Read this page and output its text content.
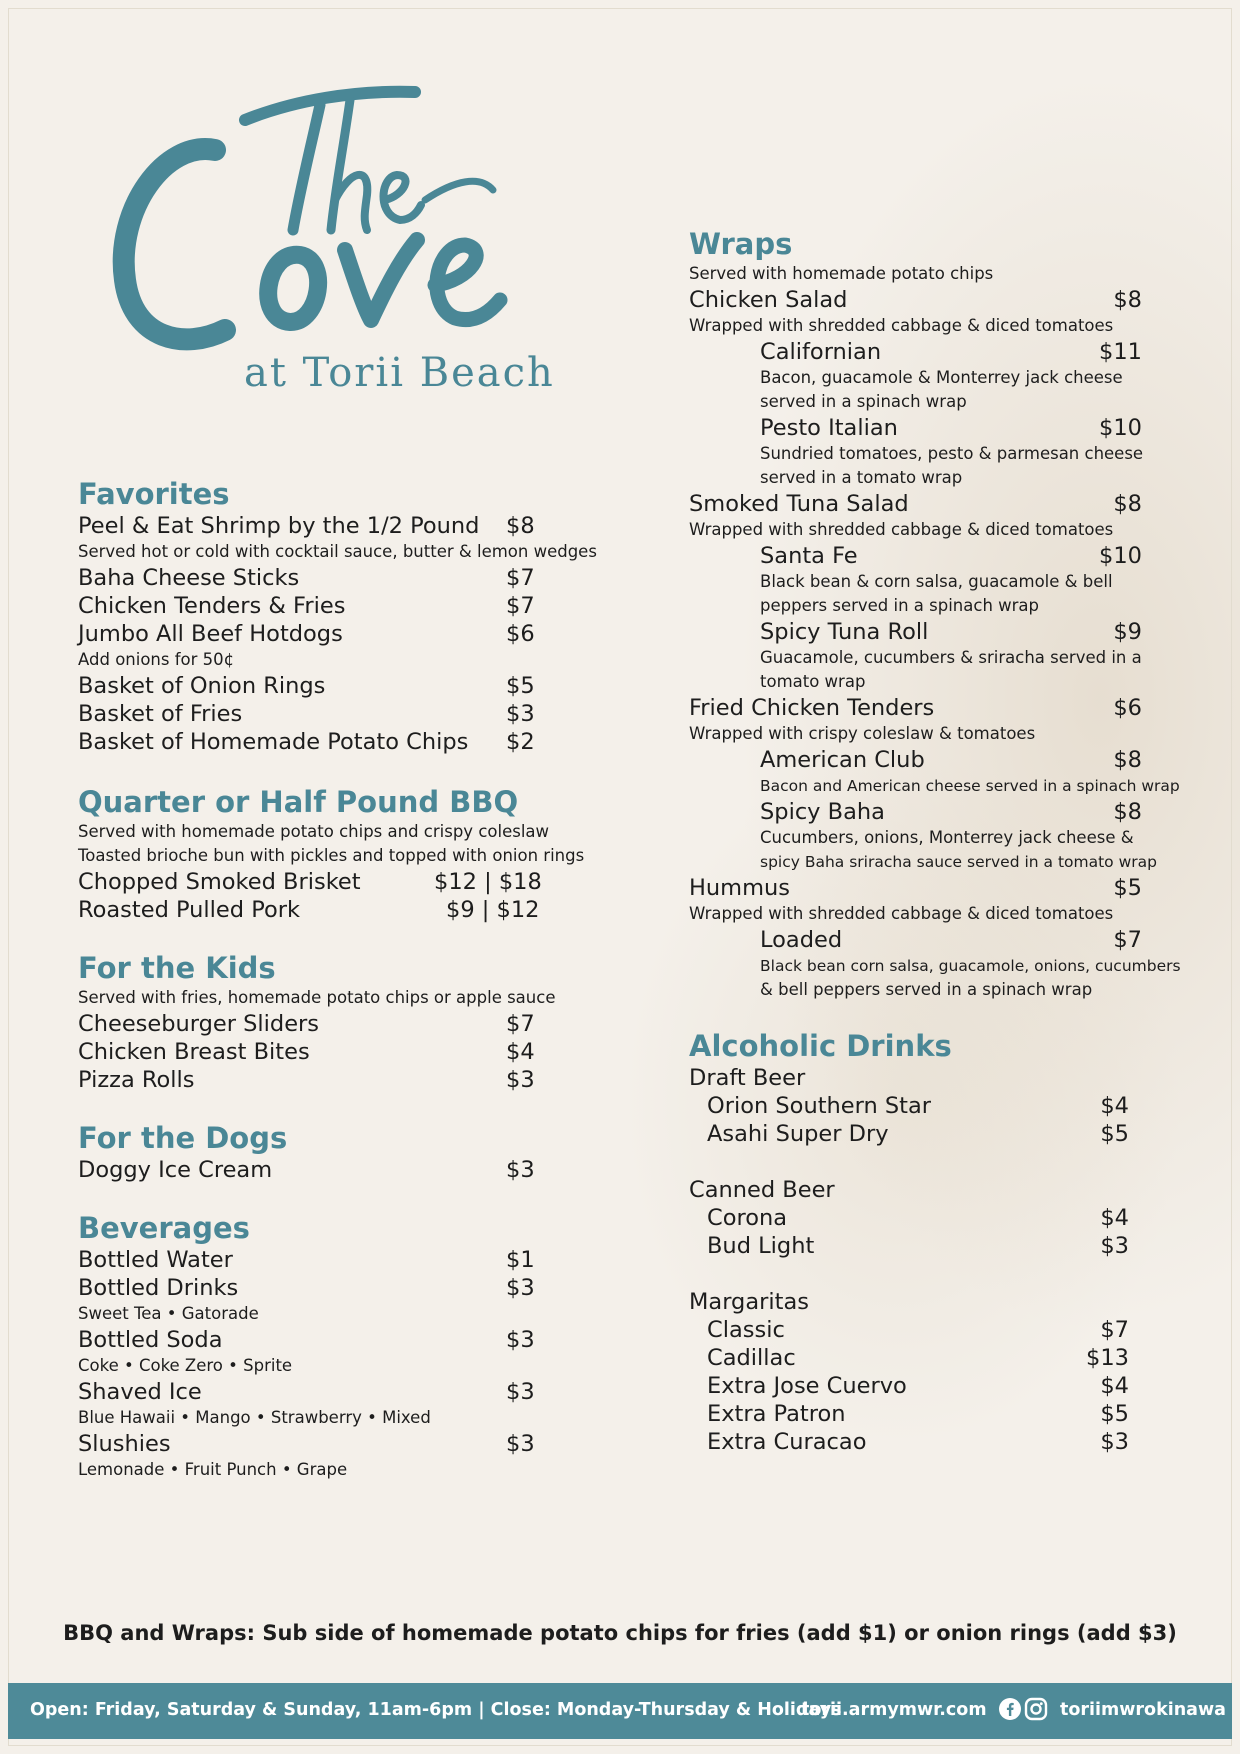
at Torii Beach
Favorites
Peel & Eat Shrimp by the 1/2 Pound $8
Served hot or cold with cocktail sauce, butter & lemon wedges
Baha Cheese Sticks	$7
Chicken Tenders & Fries	$7
Jumbo All Beef Hotdogs	$6
Add onions for 50¢
Basket of Onion Rings	$5
Basket of Fries	$3
Basket of Homemade Potato Chips $2
Quarter or Half Pound BBQ
Served with homemade potato chips and crispy coleslaw
Toasted brioche bun with pickles and topped with onion rings
Chopped Smoked Brisket	$12 | $18
Roasted Pulled Pork	$9 | $12
For the Kids
Served with fries, homemade potato chips or apple sauce
Cheeseburger Sliders	$7
Chicken Breast Bites	$4
Pizza Rolls	$3
For the Dogs
Doggy Ice Cream	$3
Beverages
Bottled Water	$1
Bottled Drinks	$3
Sweet Tea • Gatorade
Bottled Soda	$3
Coke • Coke Zero • Sprite
Shaved Ice	$3
Blue Hawaii • Mango • Strawberry • Mixed
Slushies	$3
Lemonade • Fruit Punch • Grape
Wraps
Served with homemade potato chips
Chicken Salad	$8
Wrapped with shredded cabbage & diced tomatoes
Californian	$11
Bacon, guacamole & Monterrey jack cheese
served in a spinach wrap
Pesto Italian	$10
Sundried tomatoes, pesto & parmesan cheese
served in a tomato wrap
Smoked Tuna Salad	$8
Wrapped with shredded cabbage & diced tomatoes
Santa Fe	$10
Black bean & corn salsa, guacamole & bell
peppers served in a spinach wrap
Spicy Tuna Roll	$9
Guacamole, cucumbers & sriracha served in a
tomato wrap
Fried Chicken Tenders	$6
Wrapped with crispy coleslaw & tomatoes
American Club	$8
Bacon and American cheese served in a spinach wrap
Spicy Baha	$8
Cucumbers, onions, Monterrey jack cheese &
spicy Baha sriracha sauce served in a tomato wrap
Hummus	$5
Wrapped with shredded cabbage & diced tomatoes
Loaded	$7
Black bean corn salsa, guacamole, onions, cucumbers
& bell peppers served in a spinach wrap
Alcoholic Drinks
Draft Beer
Orion Southern Star	$4
Asahi Super Dry	$5
Canned Beer
Corona	$4
Bud Light	$3
Margaritas
Classic	$7
Cadillac	$13
Extra Jose Cuervo	$4
Extra Patron	$5
Extra Curacao	$3
BBQ and Wraps: Sub side of homemade potato chips for fries (add $1) or onion rings (add $3)
Open: Friday, Saturday & Sunday, 11am-6pm | Close: Monday-Thursday & Holidays
torii.armymwr.com	toriimwrokinawa
